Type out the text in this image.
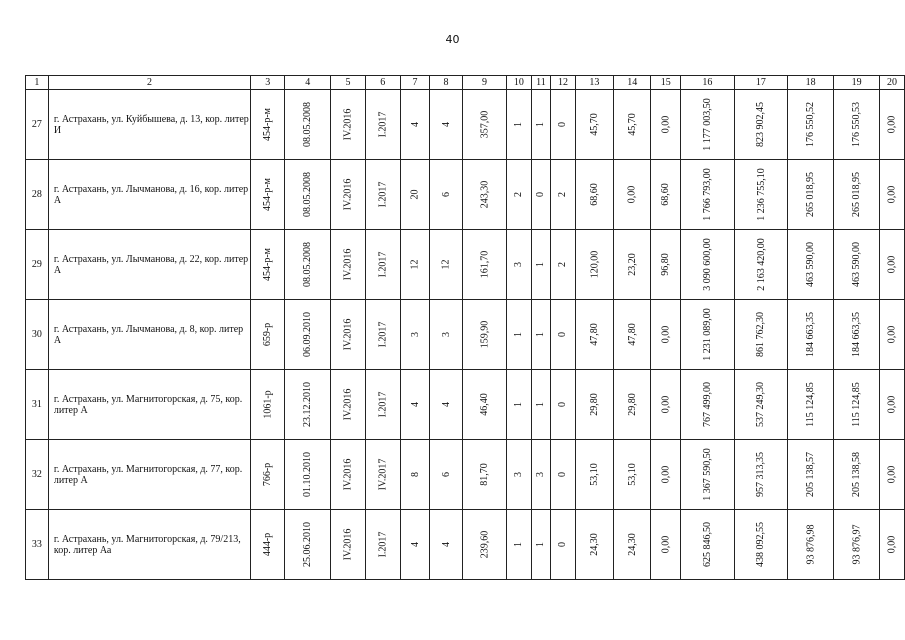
40
1	2	3	4	5	6	7	8	9	10	11	12	13	14	15	16	17	18	19	20
27	г. Астрахань, ул. Куйбышева, д. 13, кор. литер И	454-р-м	08.05.2008	IV.2016	I.2017	4	4	357,00	1	1	0	45,70	45,70	0,00	1 177 003,50	823 902,45	176 550,52	176 550,53	0,00
28	г. Астрахань, ул. Лычманова, д. 16, кор. литер А	454-р-м	08.05.2008	IV.2016	I.2017	20	6	243,30	2	0	2	68,60	0,00	68,60	1 766 793,00	1 236 755,10	265 018,95	265 018,95	0,00
29	г. Астрахань, ул. Лычманова, д. 22, кор. литер А	454-р-м	08.05.2008	IV.2016	I.2017	12	12	161,70	3	1	2	120,00	23,20	96,80	3 090 600,00	2 163 420,00	463 590,00	463 590,00	0,00
30	г. Астрахань, ул. Лычманова, д. 8, кор. литер А	659-р	06.09.2010	IV.2016	I.2017	3	3	159,90	1	1	0	47,80	47,80	0,00	1 231 089,00	861 762,30	184 663,35	184 663,35	0,00
31	г. Астрахань, ул. Магнитогорская, д. 75, кор. литер А	1061-р	23.12.2010	IV.2016	I.2017	4	4	46,40	1	1	0	29,80	29,80	0,00	767 499,00	537 249,30	115 124,85	115 124,85	0,00
32	г. Астрахань, ул. Магнитогорская, д. 77, кор. литер А	766-р	01.10.2010	IV.2016	IV.2017	8	6	81,70	3	3	0	53,10	53,10	0,00	1 367 590,50	957 313,35	205 138,57	205 138,58	0,00
33	г. Астрахань, ул. Магнитогорская, д. 79/213, кор. литер Аа	444-р	25.06.2010	IV.2016	I.2017	4	4	239,60	1	1	0	24,30	24,30	0,00	625 846,50	438 092,55	93 876,98	93 876,97	0,00
